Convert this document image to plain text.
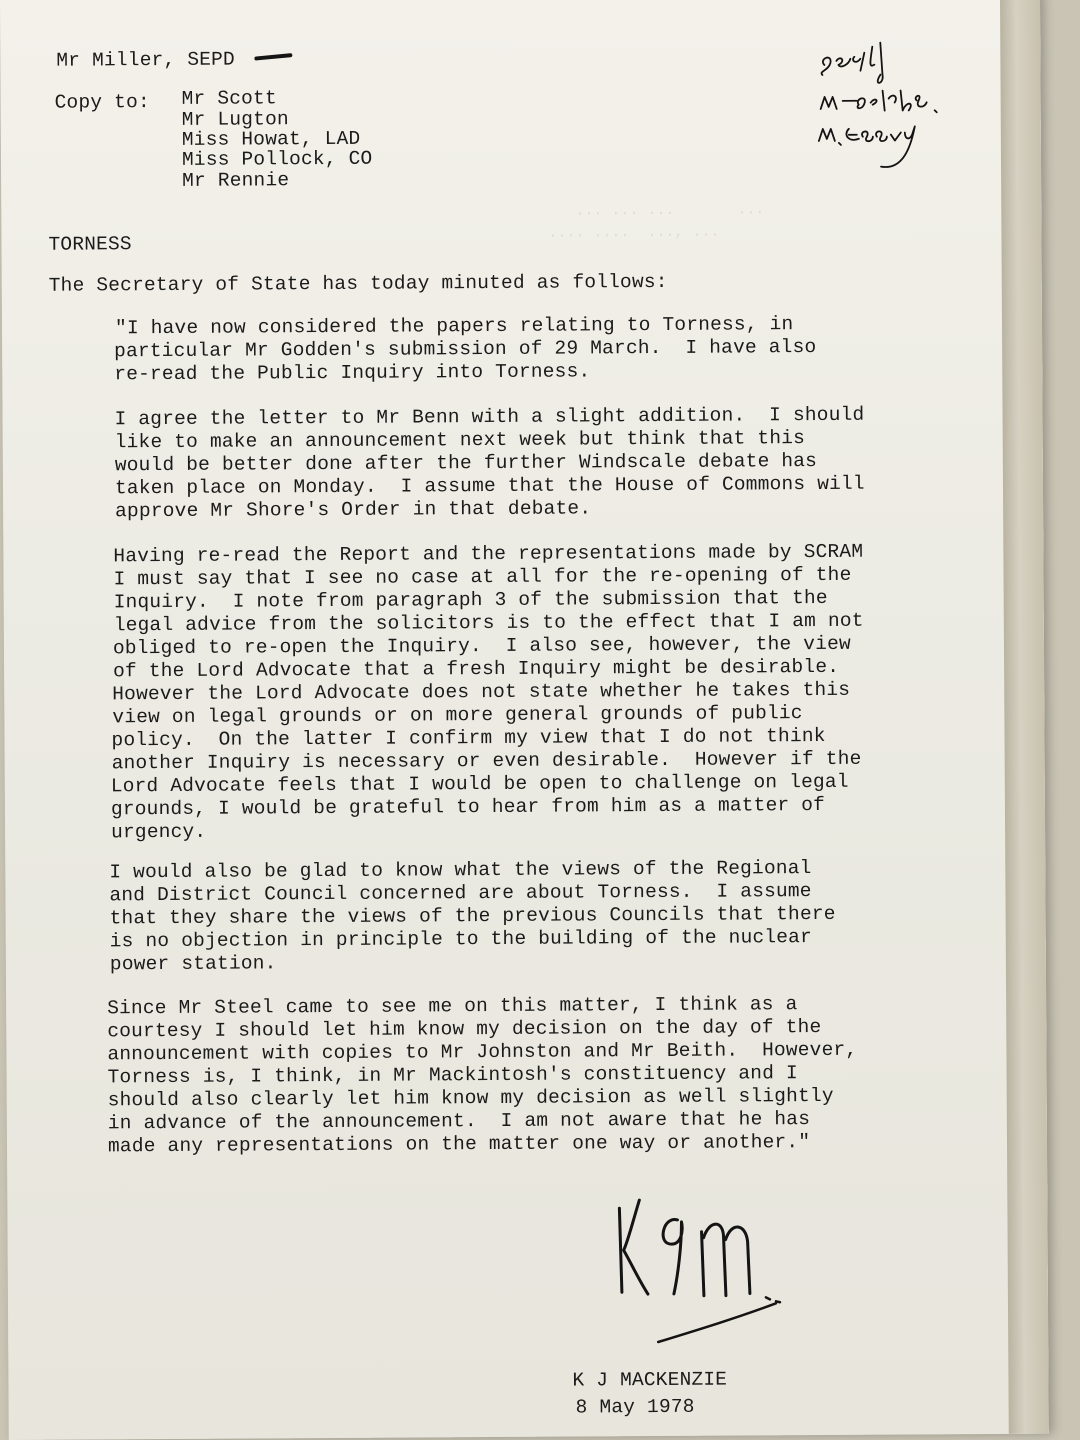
... ... ...       ...
.... ....  ..., ...

Mr Miller, SEPD
Copy to: Mr Scott
Mr Lugton
Miss Howat, LAD
Miss Pollock, CO
Mr Rennie
Secretary
TORNESS
The Secretary of State has today minuted as follows:
"I have now considered the papers relating to Torness, in
particular Mr Godden's submission of 29 March.  I have also
re-read the Public Inquiry into Torness.
I agree the letter to Mr Benn with a slight addition.  I should
like to make an announcement next week but think that this
would be better done after the further Windscale debate has
taken place on Monday.  I assume that the House of Commons will
approve Mr Shore's Order in that debate.
Having re-read the Report and the representations made by SCRAM
I must say that I see no case at all for the re-opening of the
Inquiry.  I note from paragraph 3 of the submission that the
legal advice from the solicitors is to the effect that I am not
obliged to re-open the Inquiry.  I also see, however, the view
of the Lord Advocate that a fresh Inquiry might be desirable.
However the Lord Advocate does not state whether he takes this
view on legal grounds or on more general grounds of public
policy.  On the latter I confirm my view that I do not think
another Inquiry is necessary or even desirable.  However if the
Lord Advocate feels that I would be open to challenge on legal
grounds, I would be grateful to hear from him as a matter of
urgency.
I would also be glad to know what the views of the Regional
and District Council concerned are about Torness.  I assume
that they share the views of the previous Councils that there
is no objection in principle to the building of the nuclear
power station.
Since Mr Steel came to see me on this matter, I think as a
courtesy I should let him know my decision on the day of the
announcement with copies to Mr Johnston and Mr Beith.  However,
Torness is, I think, in Mr Mackintosh's constituency and I
should also clearly let him know my decision as well slightly
in advance of the announcement.  I am not aware that he has
made any representations on the matter one way or another."
KJM
K J MACKENZIE
8 May 1978
